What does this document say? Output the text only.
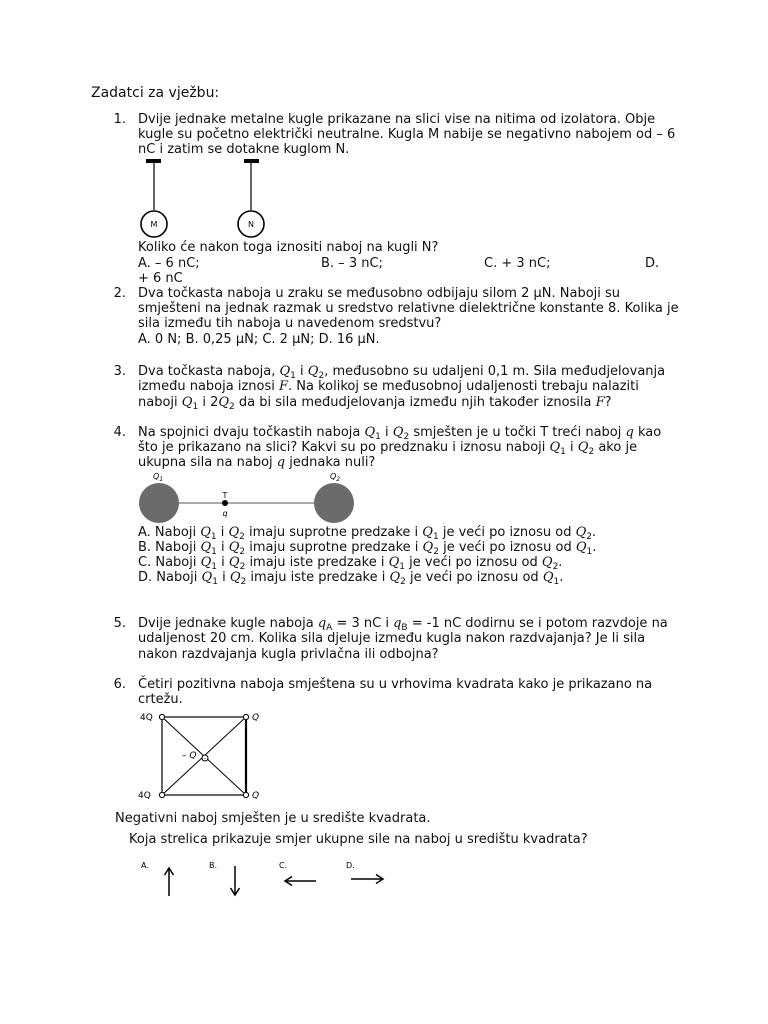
Zadatci za vježbu:
1. Dvije jednake metalne kugle prikazane na slici vise na nitima od izolatora. Obje
kugle su početno električki neutralne. Kugla M nabije se negativno nabojem od – 6
nC i zatim se dotakne kuglom N.
M	N
Koliko će nakon toga iznositi naboj na kugli N?
A. – 6 nC;	B. – 3 nC;	C. + 3 nC;	D.
+ 6 nC
2. Dva točkasta naboja u zraku se međusobno odbijaju silom 2 μN. Naboji su
smješteni na jednak razmak u sredstvo relativne dielektrične konstante 8. Kolika je
sila između tih naboja u navedenom sredstvu?
A. 0 N; B. 0,25 μN; C. 2 μN; D. 16 μN.
3. Dva točkasta naboja, $Q_1$ i $Q_2$, međusobno su udaljeni 0,1 m. Sila međudjelovanja
između naboja iznosi F. Na kolikoj se međusobnoj udaljenosti trebaju nalaziti
naboji $Q_1$ i $2Q_2$ da bi sila međudjelovanja između njih također iznosila F?
4. Na spojnici dvaju točkastih naboja $Q_1$ i $Q_2$ smješten je u točki T treći naboj q kao
što je prikazano na slici? Kakvi su po predznaku i iznosu naboji $Q_1$ i $Q_2$ ako je
ukupna sila na naboj q jednaka nuli?
$Q_1$	$Q_2$
T
q
A. Naboji $Q_1$ i $Q_2$ imaju suprotne predzake i $Q_1$ je veći po iznosu od $Q_2$.
B. Naboji $Q_1$ i $Q_2$ imaju suprotne predzake i $Q_2$ je veći po iznosu od $Q_1$.
C. Naboji $Q_1$ i $Q_2$ imaju iste predzake i $Q_1$ je veći po iznosu od $Q_2$.
D. Naboji $Q_1$ i $Q_2$ imaju iste predzake i $Q_2$ je veći po iznosu od $Q_1$.
5. Dvije jednake kugle naboja $q_A = 3$ nC i $q_B = -1$ nC dodirnu se i potom razvdoje na
udaljenost 20 cm. Kolika sila djeluje između kugla nakon razdvajanja? Je li sila
nakon razdvajanja kugla privlačna ili odbojna?
6. Četiri pozitivna naboja smještena su u vrhovima kvadrata kako je prikazano na
crtežu.
–
4Q	Q
4Q	Q
– Q
Negativni naboj smješten je u središte kvadrata.
Koja strelica prikazuje smjer ukupne sile na naboj u središtu kvadrata?
A.	B.	C.	D.
